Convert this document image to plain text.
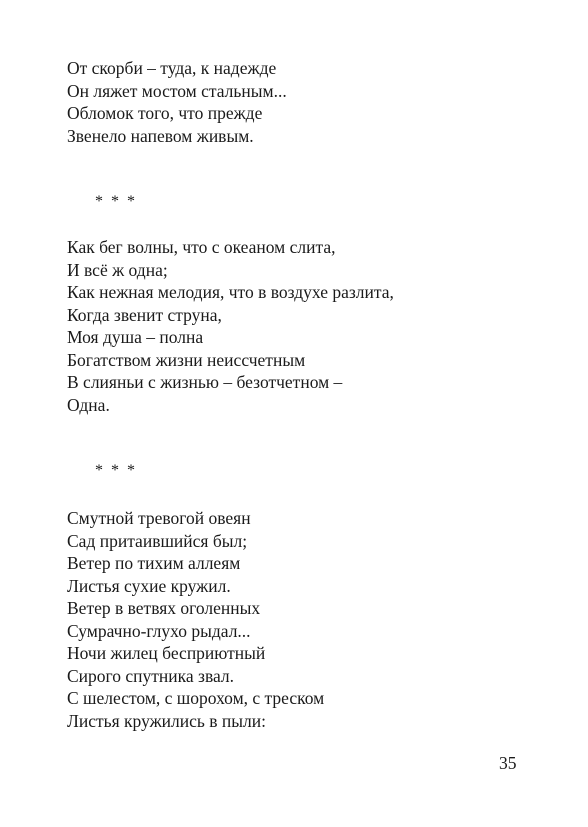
От скорби – туда, к надежде
Он ляжет мостом стальным...
Обломок того, что прежде
Звенело напевом живым.
* * *
Как бег волны, что с океаном слита,
И всё ж одна;
Как нежная мелодия, что в воздухе разлита,
Когда звенит струна,
Моя душа – полна
Богатством жизни неиссчетным
В слияньи с жизнью – безотчетном –
Одна.
* * *
Смутной тревогой овеян
Сад притаившийся был;
Ветер по тихим аллеям
Листья сухие кружил.
Ветер в ветвях оголенных
Сумрачно-глухо рыдал...
Ночи жилец бесприютный
Сирого спутника звал.
С шелестом, с шорохом, с треском
Листья кружились в пыли:
35
